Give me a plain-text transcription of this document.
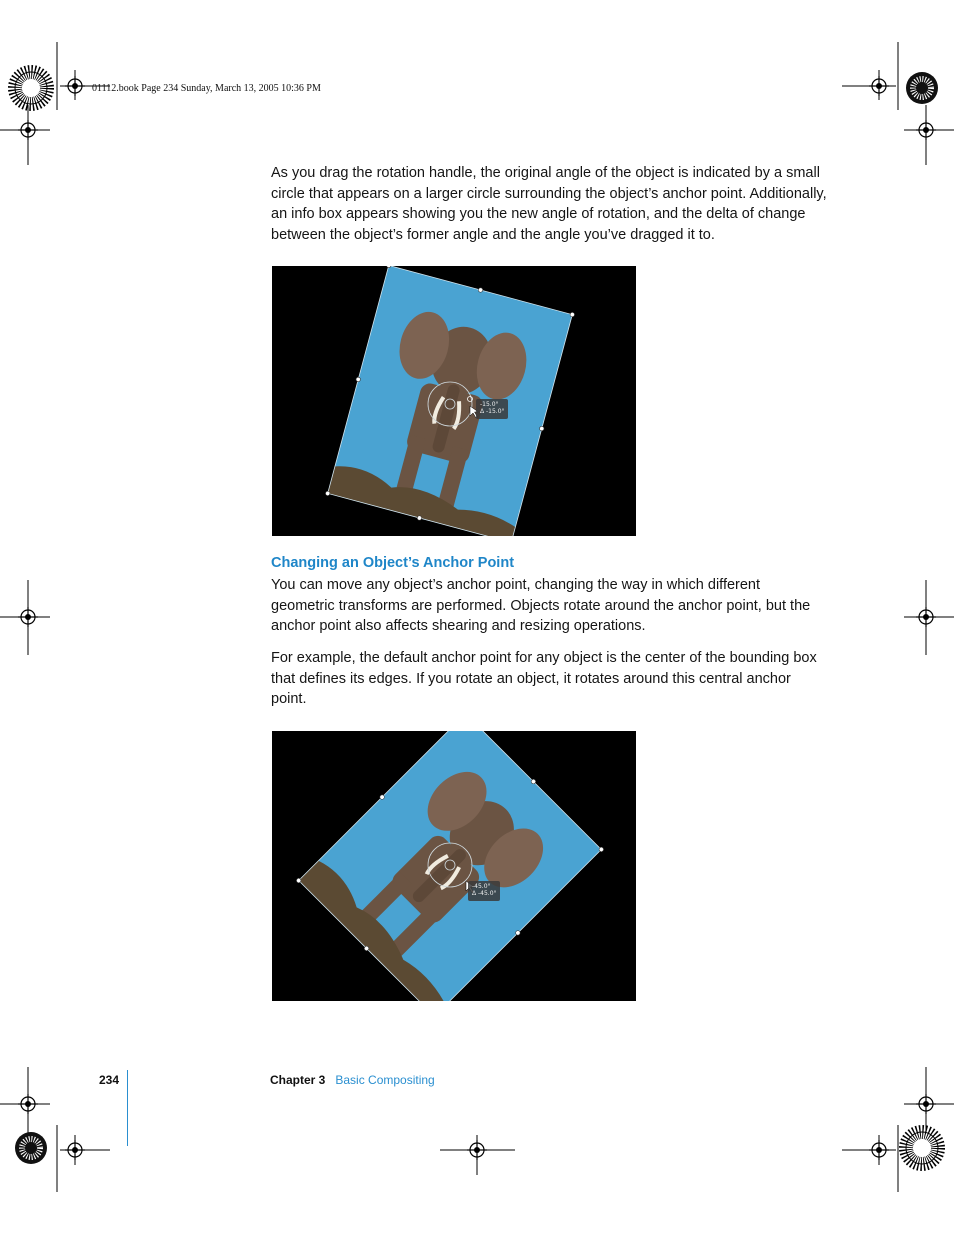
01112.book Page 234 Sunday, March 13, 2005 10:36 PM
As you drag the rotation handle, the original angle of the object is indicated by a small
circle that appears on a larger circle surrounding the object’s anchor point. Additionally,
an info box appears showing you the new angle of rotation, and the delta of change
between the object’s former angle and the angle you’ve dragged it to.
-15.0°
Δ -15.0°
Changing an Object’s Anchor Point
You can move any object’s anchor point, changing the way in which different
geometric transforms are performed. Objects rotate around the anchor point, but the
anchor point also affects shearing and resizing operations.
For example, the default anchor point for any object is the center of the bounding box
that defines its edges. If you rotate an object, it rotates around this central anchor
point.
-45.0°
Δ -45.0°
234	Chapter 3 Basic Compositing
